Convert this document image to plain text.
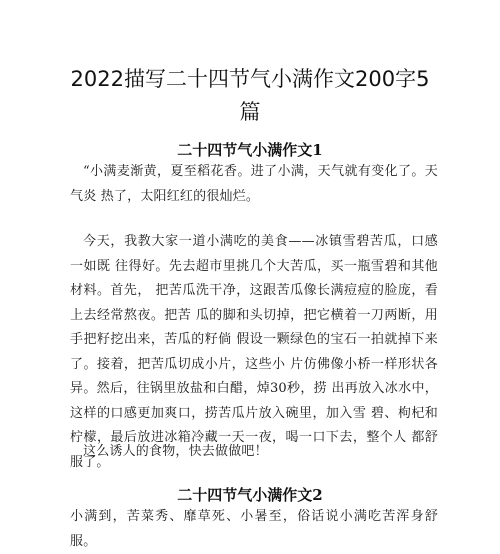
2022描写二十四节气小满作文200字5
篇
二十四节气小满作文1

“小满麦渐黄，夏至稻花香。进了小满，天气就有变化了。天气炎 热了，太阳红红的很灿烂。

今天，我教大家一道小满吃的美食——冰镇雪碧苦瓜，口感一如既 往得好。先去超市里挑几个大苦瓜，买一瓶雪碧和其他材料。首先， 把苦瓜洗干净，这跟苦瓜像长满痘痘的脸庞，看上去经常熬夜。把苦 瓜的脚和头切掉，把它横着一刀两断，用手把籽挖出来，苦瓜的籽倘 假设一颗绿色的宝石一拍就掉下来了。接着，把苦瓜切成小片，这些小 片仿佛像小桥一样形状各异。然后，往锅里放盐和白醋，焯30秒，捞 出再放入冰水中，这样的口感更加爽口，捞苦瓜片放入碗里，加入雪 碧、枸杞和柠檬，最后放进冰箱冷藏一天一夜，喝一口下去，整个人 都舒服了。

这么诱人的食物，快去做做吧！

二十四节气小满作文2

小满到，苦菜秀、靡草死、小暑至，俗话说小满吃苦浑身舒服。
